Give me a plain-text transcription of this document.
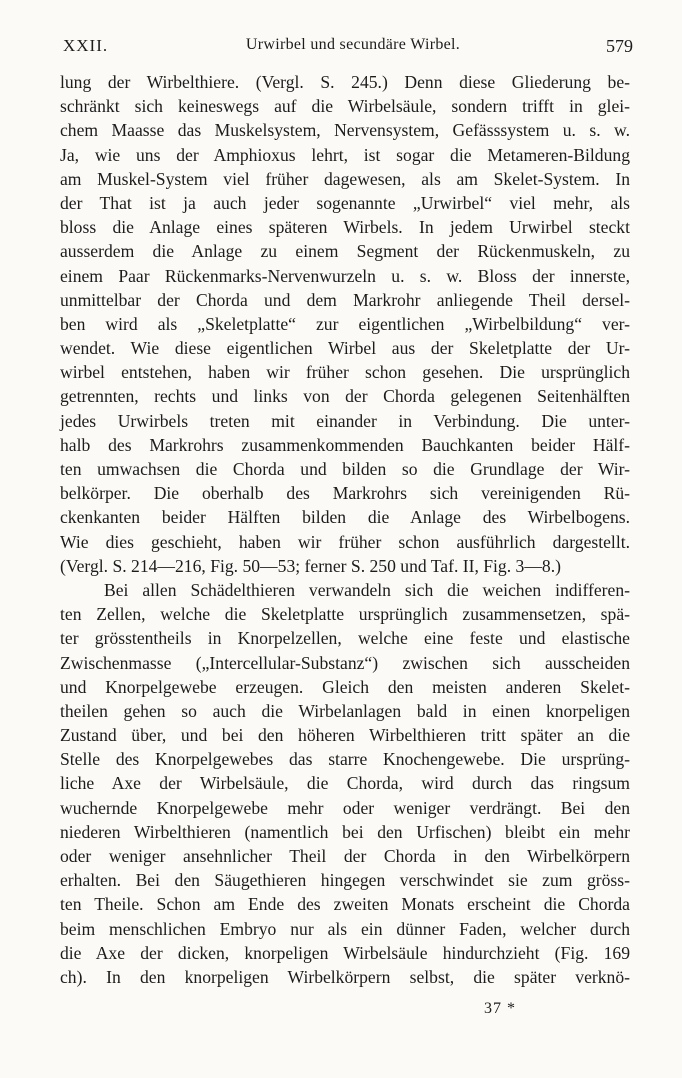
XXII.	Urwirbel und secundäre Wirbel.	579
lung der Wirbelthiere. (Vergl. S. 245.) Denn diese Gliederung be-
schränkt sich keineswegs auf die Wirbelsäule, sondern trifft in glei-
chem Maasse das Muskelsystem, Nervensystem, Gefässsystem u. s. w.
Ja, wie uns der Amphioxus lehrt, ist sogar die Metameren-Bildung
am Muskel-System viel früher dagewesen, als am Skelet-System. In
der That ist ja auch jeder sogenannte „Urwirbel“ viel mehr, als
bloss die Anlage eines späteren Wirbels. In jedem Urwirbel steckt
ausserdem die Anlage zu einem Segment der Rückenmuskeln, zu
einem Paar Rückenmarks-Nervenwurzeln u. s. w. Bloss der innerste,
unmittelbar der Chorda und dem Markrohr anliegende Theil dersel-
ben wird als „Skeletplatte“ zur eigentlichen „Wirbelbildung“ ver-
wendet. Wie diese eigentlichen Wirbel aus der Skeletplatte der Ur-
wirbel entstehen, haben wir früher schon gesehen. Die ursprünglich
getrennten, rechts und links von der Chorda gelegenen Seitenhälften
jedes Urwirbels treten mit einander in Verbindung. Die unter-
halb des Markrohrs zusammenkommenden Bauchkanten beider Hälf-
ten umwachsen die Chorda und bilden so die Grundlage der Wir-
belkörper. Die oberhalb des Markrohrs sich vereinigenden Rü-
ckenkanten beider Hälften bilden die Anlage des Wirbelbogens.
Wie dies geschieht, haben wir früher schon ausführlich dargestellt.
(Vergl. S. 214—216, Fig. 50—53; ferner S. 250 und Taf. II, Fig. 3—8.)
Bei allen Schädelthieren verwandeln sich die weichen indifferen-
ten Zellen, welche die Skeletplatte ursprünglich zusammensetzen, spä-
ter grösstentheils in Knorpelzellen, welche eine feste und elastische
Zwischenmasse („Intercellular-Substanz“) zwischen sich ausscheiden
und Knorpelgewebe erzeugen. Gleich den meisten anderen Skelet-
theilen gehen so auch die Wirbelanlagen bald in einen knorpeligen
Zustand über, und bei den höheren Wirbelthieren tritt später an die
Stelle des Knorpelgewebes das starre Knochengewebe. Die ursprüng-
liche Axe der Wirbelsäule, die Chorda, wird durch das ringsum
wuchernde Knorpelgewebe mehr oder weniger verdrängt. Bei den
niederen Wirbelthieren (namentlich bei den Urfischen) bleibt ein mehr
oder weniger ansehnlicher Theil der Chorda in den Wirbelkörpern
erhalten. Bei den Säugethieren hingegen verschwindet sie zum gröss-
ten Theile. Schon am Ende des zweiten Monats erscheint die Chorda
beim menschlichen Embryo nur als ein dünner Faden, welcher durch
die Axe der dicken, knorpeligen Wirbelsäule hindurchzieht (Fig. 169
ch). In den knorpeligen Wirbelkörpern selbst, die später verknö-
37 *
